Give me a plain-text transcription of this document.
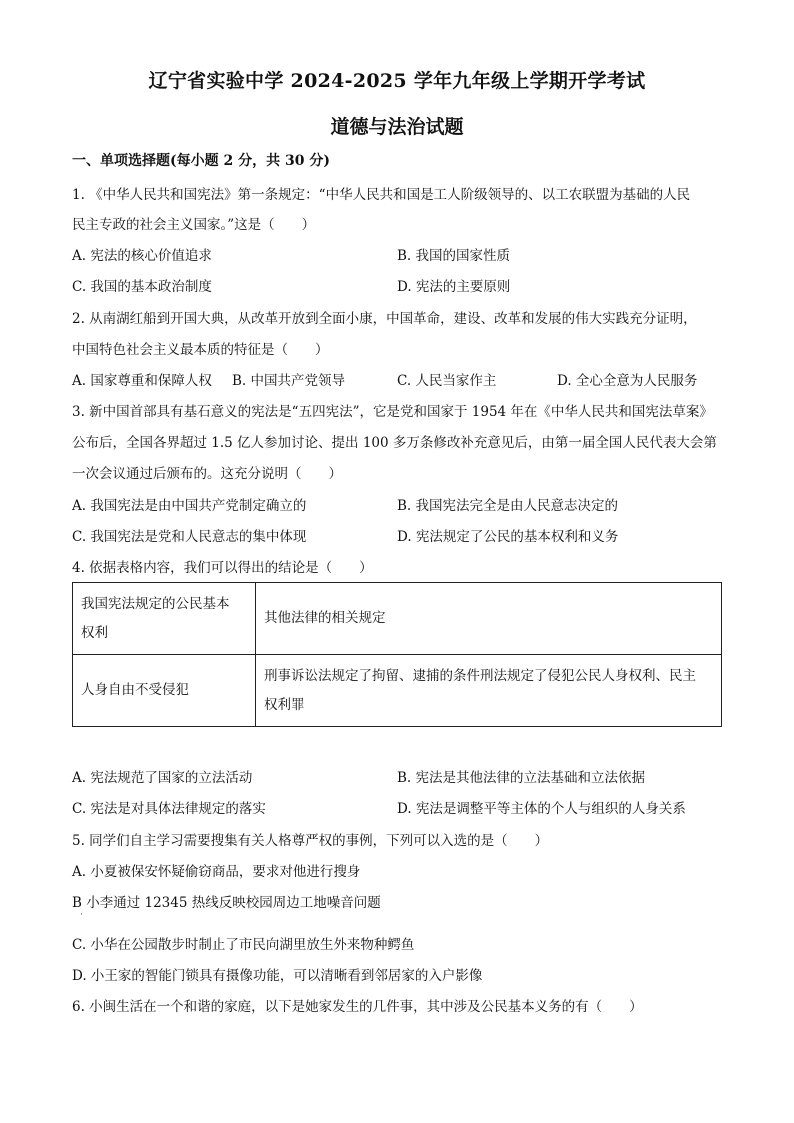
辽宁省实验中学 2024-2025 学年九年级上学期开学考试
道德与法治试题
一、单项选择题(每小题 2 分，共 30 分)
1. 《中华人民共和国宪法》第一条规定：“中华人民共和国是工人阶级领导的、以工农联盟为基础的人民
民主专政的社会主义国家。”这是（　　）
A. 宪法的核心价值追求	B. 我国的国家性质
C. 我国的基本政治制度	D. 宪法的主要原则
2. 从南湖红船到开国大典，从改革开放到全面小康，中国革命，建设、改革和发展的伟大实践充分证明，
中国特色社会主义最本质的特征是（　　）
A. 国家尊重和保障人权 B. 中国共产党领导	C. 人民当家作主	D. 全心全意为人民服务
3. 新中国首部具有基石意义的宪法是“五四宪法”，它是党和国家于 1954 年在《中华人民共和国宪法草案》
公布后，全国各界超过 1.5 亿人参加讨论、提出 100 多万条修改补充意见后，由第一届全国人民代表大会第
一次会议通过后颁布的。这充分说明（　　）
A. 我国宪法是由中国共产党制定确立的	B. 我国宪法完全是由人民意志决定的
C. 我国宪法是党和人民意志的集中体现	D. 宪法规定了公民的基本权利和义务
4. 依据表格内容，我们可以得出的结论是（　　）
我国宪法规定的公民基本
权利	其他法律的相关规定

人身自由不受侵犯	刑事诉讼法规定了拘留、逮捕的条件刑法规定了侵犯公民人身权利、民主
权利罪
A. 宪法规范了国家的立法活动	B. 宪法是其他法律的立法基础和立法依据
C. 宪法是对具体法律规定的落实	D. 宪法是调整平等主体的个人与组织的人身关系
5. 同学们自主学习需要搜集有关人格尊严权的事例，下列可以入选的是（　　）
A. 小夏被保安怀疑偷窃商品，要求对他进行搜身
B 小李通过 12345 热线反映校园周边工地噪音问题
·
C. 小华在公园散步时制止了市民向湖里放生外来物种鳄鱼
D. 小王家的智能门锁具有摄像功能，可以清晰看到邻居家的入户影像
6. 小闽生活在一个和谐的家庭，以下是她家发生的几件事，其中涉及公民基本义务的有（　　）
